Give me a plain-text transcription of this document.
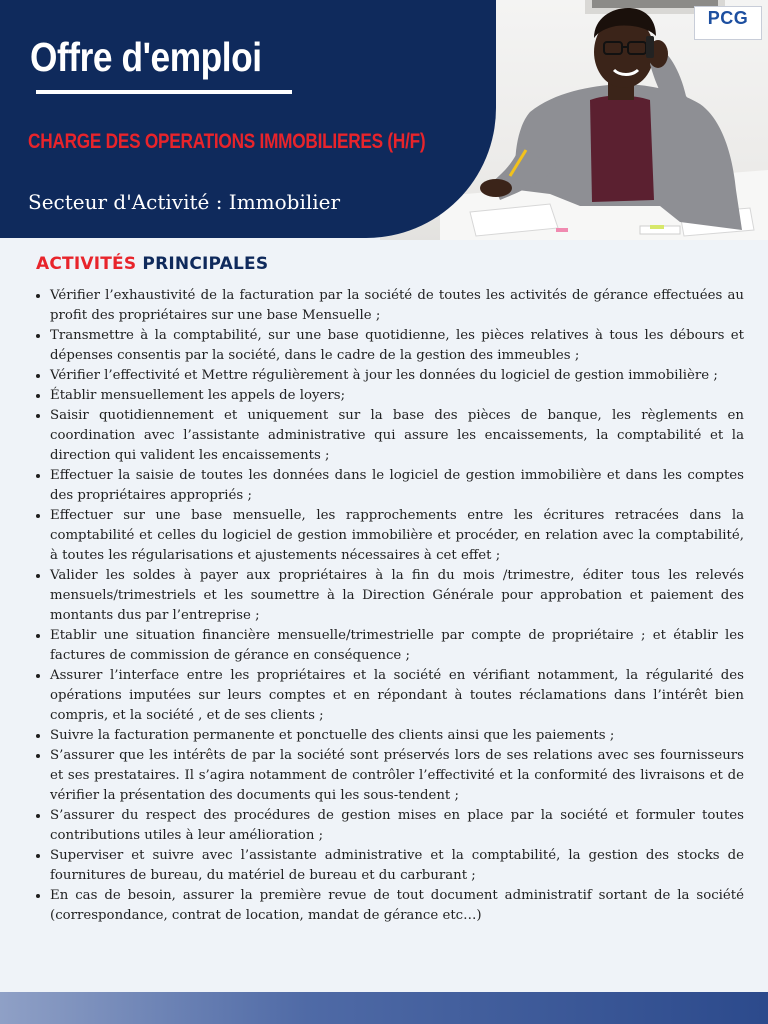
PCG
Offre d'emploi
CHARGE DES OPERATIONS IMMOBILIERES (H/F)

Secteur d'Activité : Immobilier

ACTIVITÉS PRINCIPALES
• Vérifier l’exhaustivité de la facturation par la société de toutes les activités de gérance effectuées au profit des propriétaires sur une base Mensuelle ;
• Transmettre à la comptabilité, sur une base quotidienne, les pièces relatives à tous les débours et dépenses consentis par la société, dans le cadre de la gestion des immeubles ;
• Vérifier l’effectivité et Mettre régulièrement à jour les données du logiciel de gestion immobilière ;
• Établir mensuellement les appels de loyers;
• Saisir quotidiennement et uniquement sur la base des pièces de banque, les règlements en coordination avec l’assistante administrative qui assure les encaissements, la comptabilité et la direction qui valident les encaissements ;
• Effectuer la saisie de toutes les données dans le logiciel de gestion immobilière et dans les comptes des propriétaires appropriés ;
• Effectuer sur une base mensuelle, les rapprochements entre les écritures retracées dans la comptabilité et celles du logiciel de gestion immobilière et procéder, en relation avec la comptabilité, à toutes les régularisations et ajustements nécessaires à cet effet ;
• Valider les soldes à payer aux propriétaires à la fin du mois /trimestre, éditer tous les relevés mensuels/trimestriels et les soumettre à la Direction Générale pour approbation et paiement des montants dus par l’entreprise ;
• Etablir une situation financière mensuelle/trimestrielle par compte de propriétaire ; et établir les factures de commission de gérance en conséquence ;
• Assurer l’interface entre les propriétaires et la société en vérifiant notamment, la régularité des opérations imputées sur leurs comptes et en répondant à toutes réclamations dans l’intérêt bien compris, et la société , et de ses clients ;
• Suivre la facturation permanente et ponctuelle des clients ainsi que les paiements ;
• S’assurer que les intérêts de par la société sont préservés lors de ses relations avec ses fournisseurs et ses prestataires. Il s’agira notamment de contrôler l’effectivité et la conformité des livraisons et de vérifier la présentation des documents qui les sous-tendent ;
• S’assurer du respect des procédures de gestion mises en place par la société et formuler toutes contributions utiles à leur amélioration ;
• Superviser et suivre avec l’assistante administrative et la comptabilité, la gestion des stocks de fournitures de bureau, du matériel de bureau et du carburant ;
• En cas de besoin, assurer la première revue de tout document administratif sortant de la société (correspondance, contrat de location, mandat de gérance etc…)
